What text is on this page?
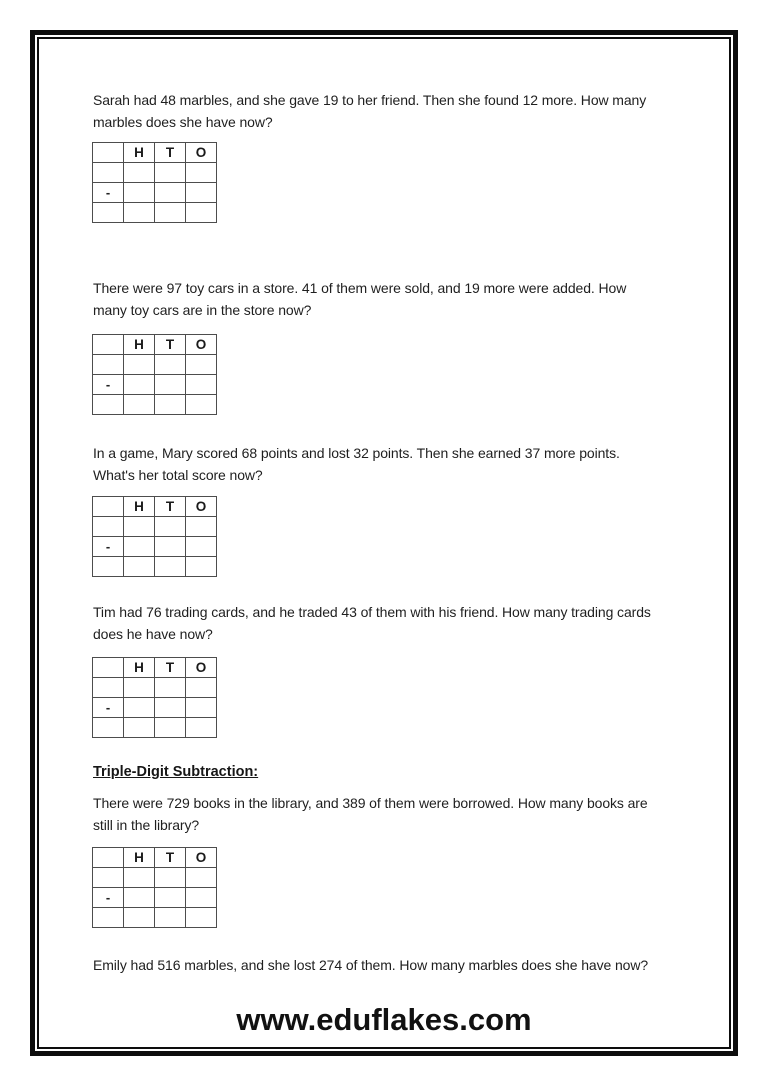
Sarah had 48 marbles, and she gave 19 to her friend. Then she found 12 more. How many
marbles does she have now?
	H	T	O

-			

There were 97 toy cars in a store. 41 of them were sold, and 19 more were added. How
many toy cars are in the store now?
	H	T	O

-			

In a game, Mary scored 68 points and lost 32 points. Then she earned 37 more points.
What's her total score now?
	H	T	O

-			

Tim had 76 trading cards, and he traded 43 of them with his friend. How many trading cards
does he have now?
	H	T	O

-			

Triple-Digit Subtraction:
There were 729 books in the library, and 389 of them were borrowed. How many books are
still in the library?
	H	T	O

-			

Emily had 516 marbles, and she lost 274 of them. How many marbles does she have now?
www.eduflakes.com
